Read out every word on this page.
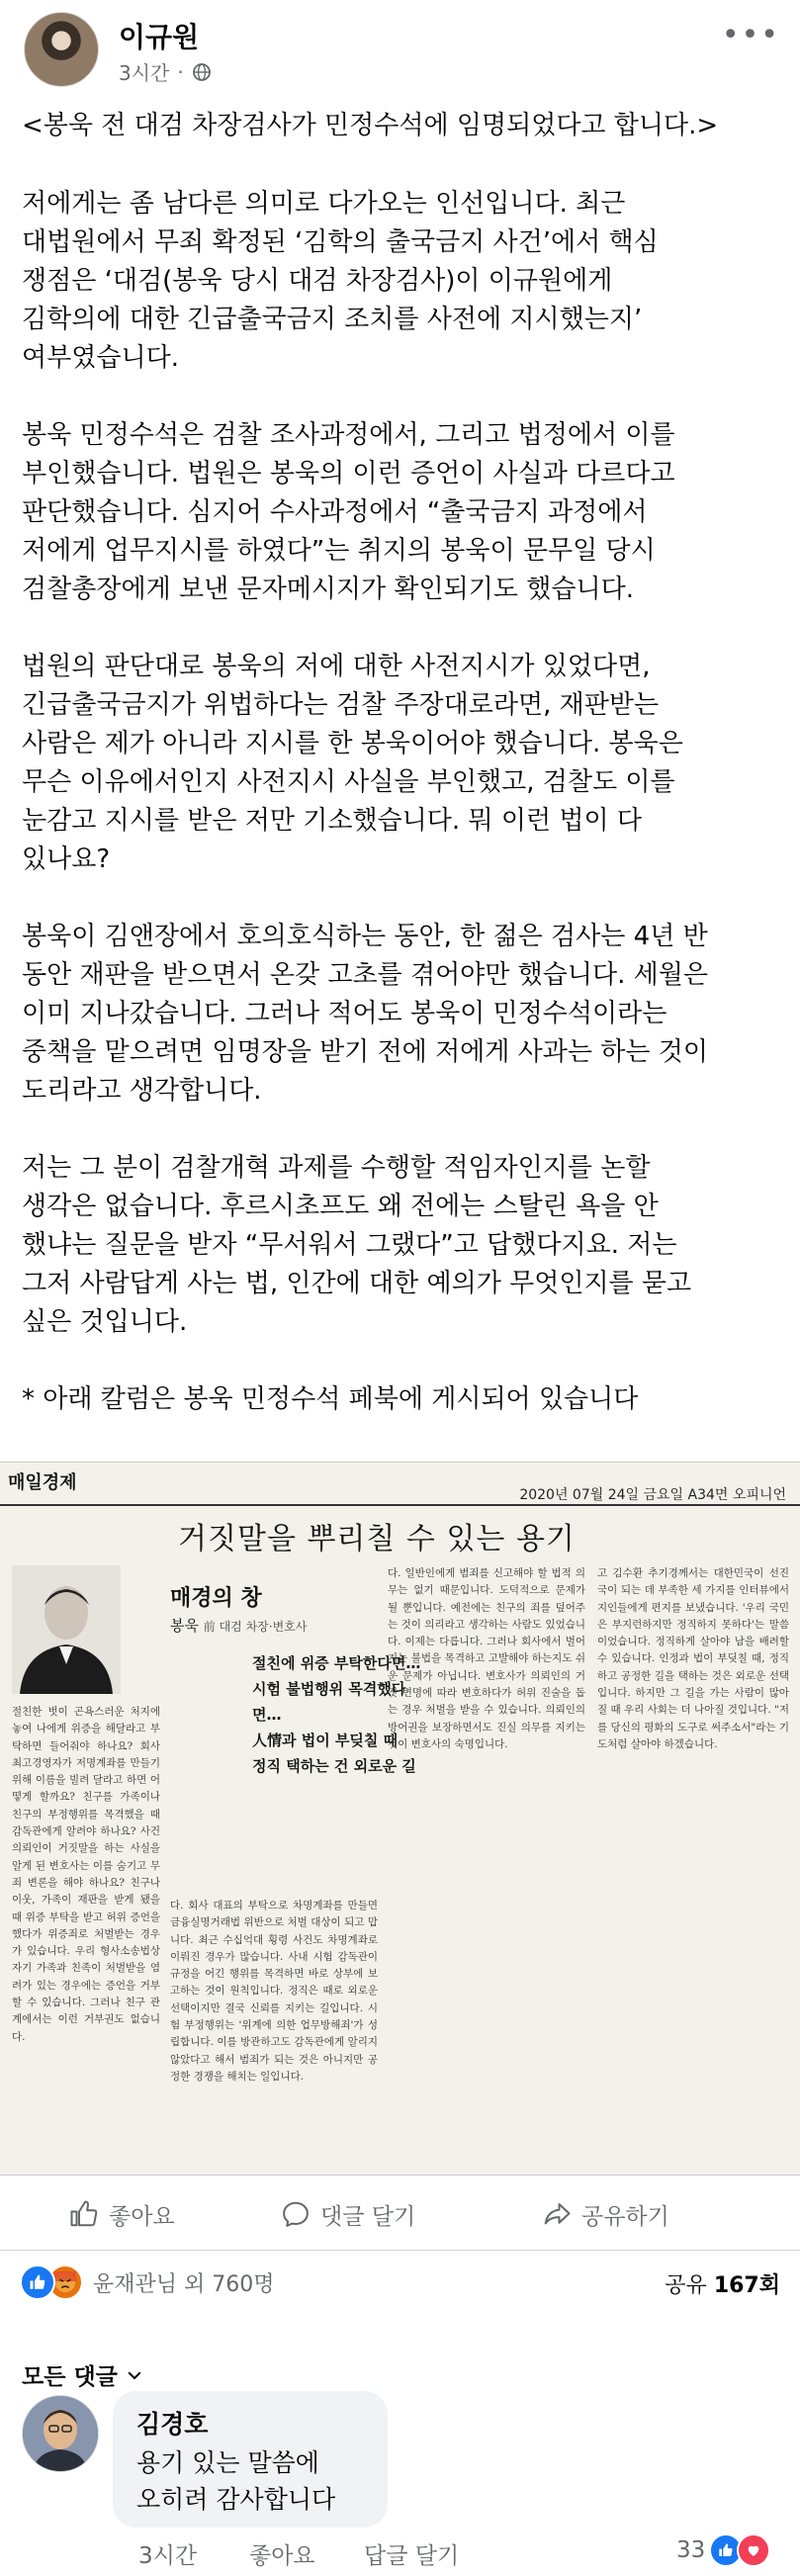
이규원
3시간 ·
•••

<봉욱 전 대검 차장검사가 민정수석에 임명되었다고 합니다.>

저에게는 좀 남다른 의미로 다가오는 인선입니다. 최근
대법원에서 무죄 확정된 ‘김학의 출국금지 사건’에서 핵심
쟁점은 ‘대검(봉욱 당시 대검 차장검사)이 이규원에게
김학의에 대한 긴급출국금지 조치를 사전에 지시했는지’
여부였습니다.

봉욱 민정수석은 검찰 조사과정에서, 그리고 법정에서 이를
부인했습니다. 법원은 봉욱의 이런 증언이 사실과 다르다고
판단했습니다. 심지어 수사과정에서 “출국금지 과정에서
저에게 업무지시를 하였다”는 취지의 봉욱이 문무일 당시
검찰총장에게 보낸 문자메시지가 확인되기도 했습니다.

법원의 판단대로 봉욱의 저에 대한 사전지시가 있었다면,
긴급출국금지가 위법하다는 검찰 주장대로라면, 재판받는
사람은 제가 아니라 지시를 한 봉욱이어야 했습니다. 봉욱은
무슨 이유에서인지 사전지시 사실을 부인했고, 검찰도 이를
눈감고 지시를 받은 저만 기소했습니다. 뭐 이런 법이 다
있나요?

봉욱이 김앤장에서 호의호식하는 동안, 한 젊은 검사는 4년 반
동안 재판을 받으면서 온갖 고초를 겪어야만 했습니다. 세월은
이미 지나갔습니다. 그러나 적어도 봉욱이 민정수석이라는
중책을 맡으려면 임명장을 받기 전에 저에게 사과는 하는 것이
도리라고 생각합니다.

저는 그 분이 검찰개혁 과제를 수행할 적임자인지를 논할
생각은 없습니다. 후르시초프도 왜 전에는 스탈린 욕을 안
했냐는 질문을 받자 “무서워서 그랬다”고 답했다지요. 저는
그저 사람답게 사는 법, 인간에 대한 예의가 무엇인지를 묻고
싶은 것입니다.

* 아래 칼럼은 봉욱 민정수석 페북에 게시되어 있습니다

매일경제
2020년 07월 24일 금요일 A34면 오피니언
거짓말을 뿌리칠 수 있는 용기
매경의 창
봉욱 前 대검 차장·변호사
절친에 위증 부탁한다면…
시험 불법행위 목격했다면…
人情과 법이 부딪칠 때
정직 택하는 건 외로운 길
절친한 벗이 곤욕스러운 처지에 놓여 나에게 위증을 해달라고 부탁하면 들어줘야 하나요? 회사 최고경영자가 저명계좌를 만들기 위해 이름을 빌려 달라고 하면 어떻게 할까요? 친구를 가족이나 친구의 부정행위를 목격했을 때 감독관에게 알려야 하나요? 사건 의뢰인이 거짓말을 하는 사실을 알게 된 변호사는 이를 숨기고 무죄 변론을 해야 하나요? 친구나 이웃, 가족이 재판을 받게 됐을 때 위증 부탁을 받고 허위 증언을 했다가 위증죄로 처벌받는 경우가 있습니다. 우리 형사소송법상 자기 가족과 친족이 처벌받을 염려가 있는 경우에는 증언을 거부할 수 있습니다. 그러나 친구 관계에서는 이런 거부권도 없습니다.
다. 회사 대표의 부탁으로 차명계좌를 만들면 금융실명거래법 위반으로 처벌 대상이 되고 맙니다. 최근 수십억대 횡령 사건도 차명계좌로 이뤄진 경우가 많습니다. 사내 시험 감독관이 규정을 어긴 행위를 목격하면 바로 상부에 보고하는 것이 원칙입니다. 정직은 때로 외로운 선택이지만 결국 신뢰를 지키는 길입니다. 시험 부정행위는 '위계에 의한 업무방해죄'가 성립합니다. 이를 방관하고도 감독관에게 알리지 않았다고 해서 범죄가 되는 것은 아니지만 공정한 경쟁을 해치는 일입니다.
다. 일반인에게 범죄를 신고해야 할 법적 의무는 없기 때문입니다. 도덕적으로 문제가 될 뿐입니다. 예전에는 친구의 죄를 덮어주는 것이 의리라고 생각하는 사람도 있었습니다. 이제는 다릅니다. 그러나 회사에서 벌어지는 불법을 목격하고 고발해야 하는지도 쉬운 문제가 아닙니다. 변호사가 의뢰인의 거짓 변명에 따라 변호하다가 허위 진술을 돕는 경우 처벌을 받을 수 있습니다. 의뢰인의 방어권을 보장하면서도 진실 의무를 지키는 것이 변호사의 숙명입니다.
고 김수환 추기경께서는 대한민국이 선진국이 되는 데 부족한 세 가지를 인터뷰에서 지인들에게 편지를 보냈습니다. '우리 국민은 부지런하지만 정직하지 못하다'는 말씀이었습니다. 정직하게 살아야 남을 배려할 수 있습니다. 인정과 법이 부딪칠 때, 정직하고 공정한 길을 택하는 것은 외로운 선택입니다. 하지만 그 길을 가는 사람이 많아질 때 우리 사회는 더 나아질 것입니다. "저를 당신의 평화의 도구로 써주소서"라는 기도처럼 살아야 하겠습니다.
좋아요	댓글 달기	공유하기
윤재관님 외 760명	공유 167회
모든 댓글
김경호
용기 있는 말씀에
오히려 감사합니다
3시간 좋아요 답글 달기	33
